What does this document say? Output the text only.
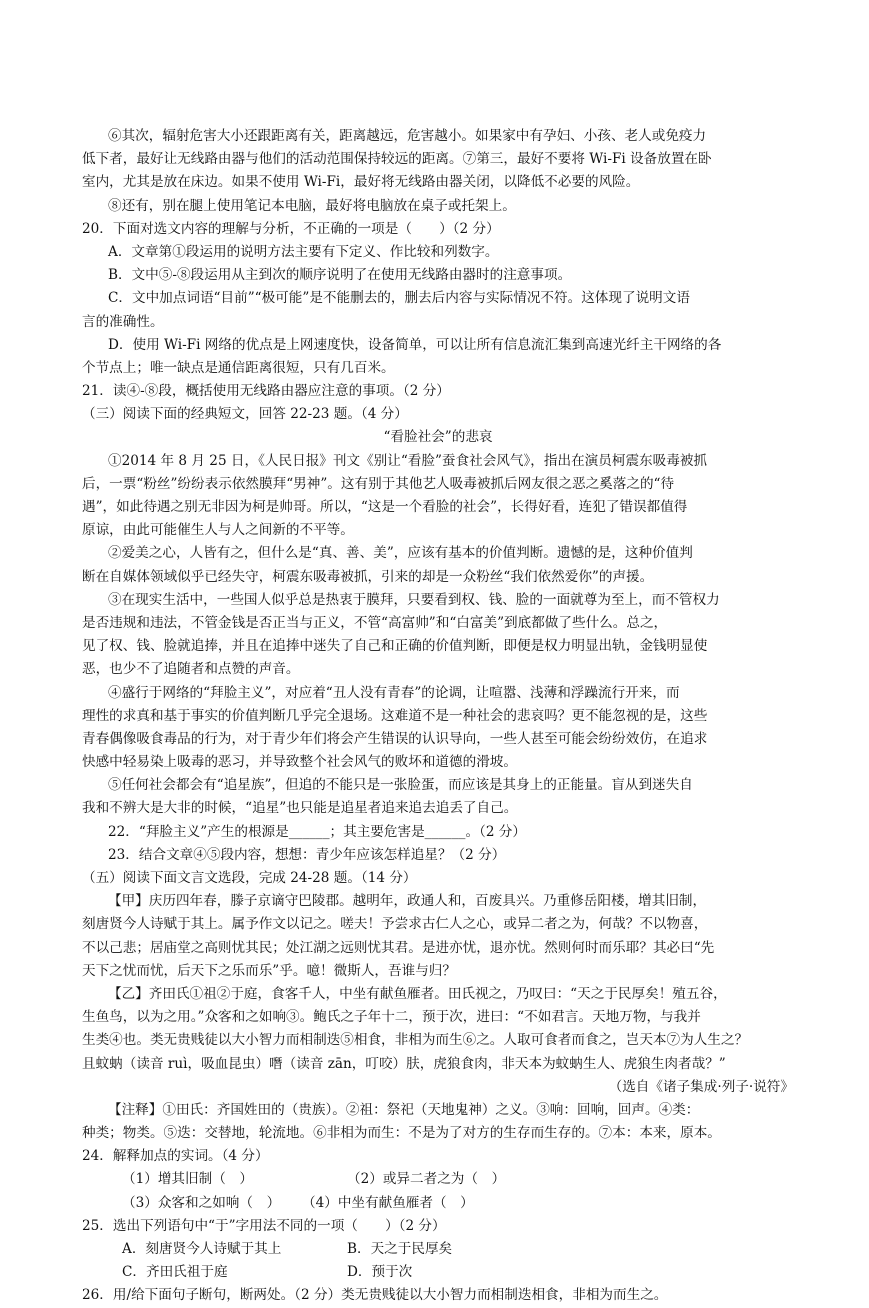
⑥其次，辐射危害大小还跟距离有关，距离越远，危害越小。如果家中有孕妇、小孩、老人或免疫力
低下者，最好让无线路由器与他们的活动范围保持较远的距离。⑦第三，最好不要将 Wi-Fi 设备放置在卧
室内，尤其是放在床边。如果不使用 Wi-Fi，最好将无线路由器关闭，以降低不必要的风险。
⑧还有，别在腿上使用笔记本电脑，最好将电脑放在桌子或托架上。
20．下面对选文内容的理解与分析，不正确的一项是（　　）（2 分）
A．文章第①段运用的说明方法主要有下定义、作比较和列数字。
B．文中⑤-⑧段运用从主到次的顺序说明了在使用无线路由器时的注意事项。
C．文中加点词语“目前”“极可能”是不能删去的，删去后内容与实际情况不符。这体现了说明文语
言的准确性。
D．使用 Wi-Fi 网络的优点是上网速度快，设备简单，可以让所有信息流汇集到高速光纤主干网络的各
个节点上；唯一缺点是通信距离很短，只有几百米。
21．读④-⑧段，概括使用无线路由器应注意的事项。（2 分）
（三）阅读下面的经典短文，回答 22-23 题。（4 分）
“看脸社会”的悲哀
①2014 年 8 月 25 日，《人民日报》刊文《别让“看脸”蚕食社会风气》，指出在演员柯震东吸毒被抓
后，一票“粉丝”纷纷表示依然膜拜“男神”。这有别于其他艺人吸毒被抓后网友很之恶之奚落之的“待
遇”，如此待遇之别无非因为柯是帅哥。所以，“这是一个看脸的社会”，长得好看，连犯了错误都值得
原谅，由此可能催生人与人之间新的不平等。
②爱美之心，人皆有之，但什么是“真、善、美”，应该有基本的价值判断。遗憾的是，这种价值判
断在自媒体领域似乎已经失守，柯震东吸毒被抓，引来的却是一众粉丝“我们依然爱你”的声援。
③在现实生活中，一些国人似乎总是热衷于膜拜，只要看到权、钱、脸的一面就尊为至上，而不管权力
是否违规和违法，不管金钱是否正当与正义，不管“高富帅”和“白富美”到底都做了些什么。总之，
见了权、钱、脸就追捧，并且在追捧中迷失了自己和正确的价值判断，即便是权力明显出轨，金钱明显使
恶，也少不了追随者和点赞的声音。
④盛行于网络的“拜脸主义”，对应着“丑人没有青春”的论调，让喧嚣、浅薄和浮躁流行开来，而
理性的求真和基于事实的价值判断几乎完全退场。这难道不是一种社会的悲哀吗？更不能忽视的是，这些
青春偶像吸食毒品的行为，对于青少年们将会产生错误的认识导向，一些人甚至可能会纷纷效仿，在追求
快感中轻易染上吸毒的恶习，并导致整个社会风气的败坏和道德的滑坡。
⑤任何社会都会有“追星族”，但追的不能只是一张脸蛋，而应该是其身上的正能量。盲从到迷失自
我和不辨大是大非的时候，“追星”也只能是追星者追来追去追丢了自己。
22．“拜脸主义”产生的根源是______；其主要危害是______。（2 分）
23．结合文章④⑤段内容，想想：青少年应该怎样追星？（2 分）
（五）阅读下面文言文选段，完成 24-28 题。（14 分）
【甲】庆历四年春，滕子京谪守巴陵郡。越明年，政通人和，百废具兴。乃重修岳阳楼，增其旧制，
刻唐贤今人诗赋于其上。属予作文以记之。嗟夫！予尝求古仁人之心，或异二者之为，何哉？不以物喜，
不以己悲；居庙堂之高则忧其民；处江湖之远则忧其君。是进亦忧，退亦忧。然则何时而乐耶？其必曰“先
天下之忧而忧，后天下之乐而乐”乎。噫！微斯人，吾谁与归？
【乙】齐田氏①祖②于庭，食客千人，中坐有献鱼雁者。田氏视之，乃叹曰：“天之于民厚矣！殖五谷，
生鱼鸟，以为之用。”众客和之如响③。鲍氏之子年十二，预于次，进曰：“不如君言。天地万物，与我并
生类④也。类无贵贱徒以大小智力而相制迭⑤相食，非相为而生⑥之。人取可食者而食之，岂天本⑦为人生之？
且蚊蚋（读音 ruì，吸血昆虫）噆（读音 zān，叮咬）肤，虎狼食肉，非天本为蚊蚋生人、虎狼生肉者哉？”
（选自《诸子集成·列子·说符》
【注释】①田氏：齐国姓田的（贵族）。②祖：祭祀（天地鬼神）之义。③响：回响，回声。④类：
种类；物类。⑤迭：交替地，轮流地。⑥非相为而生：不是为了对方的生存而生存的。⑦本：本来，原本。
24．解释加点的实词。（4 分）
（1）增其旧制（　）	（2）或异二者之为（　）
（3）众客和之如响（　）	（4）中坐有献鱼雁者（　）
25．选出下列语句中“于”字用法不同的一项（　　）（2 分）
A．刻唐贤今人诗赋于其上	B．天之于民厚矣
C．齐田氏祖于庭	D．预于次
26．用/给下面句子断句，断两处。（2 分）类无贵贱徒以大小智力而相制迭相食，非相为而生之。
